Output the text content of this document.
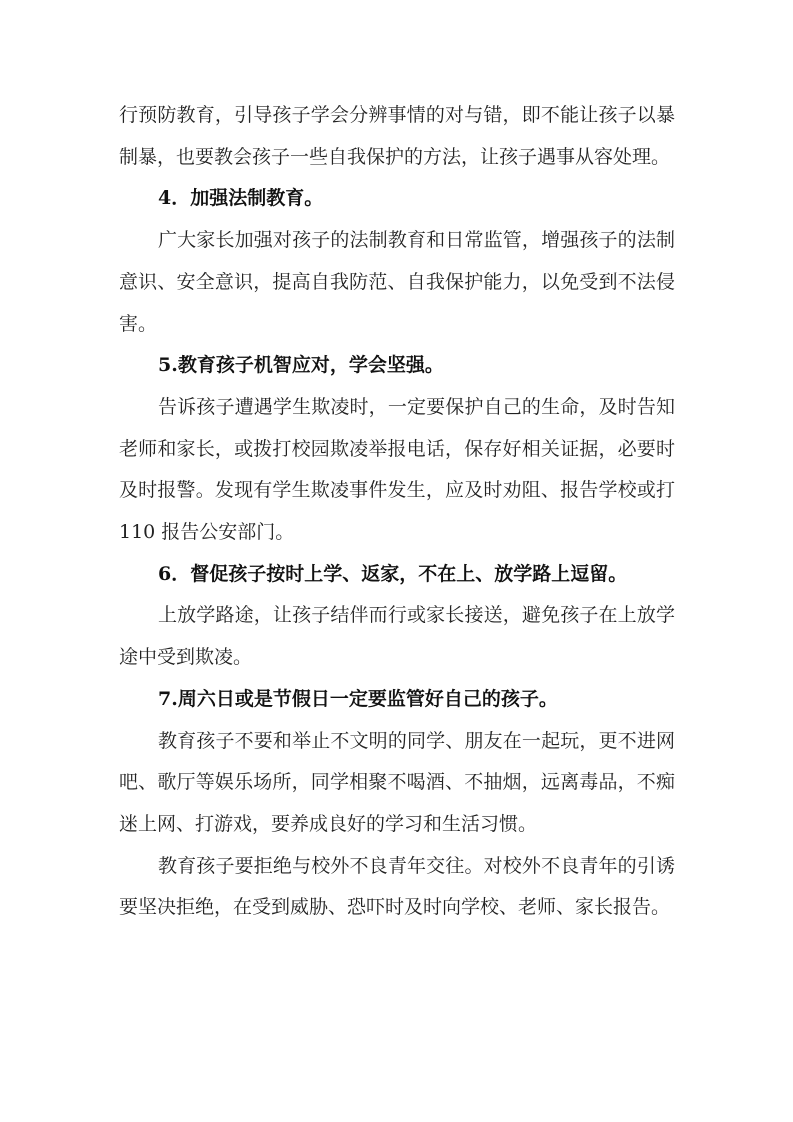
行预防教育，引导孩子学会分辨事情的对与错，即不能让孩子以暴制暴，也要教会孩子一些自我保护的方法，让孩子遇事从容处理。

4．加强法制教育。

广大家长加强对孩子的法制教育和日常监管，增强孩子的法制意识、安全意识，提高自我防范、自我保护能力，以免受到不法侵害。

5.教育孩子机智应对，学会坚强。

告诉孩子遭遇学生欺凌时，一定要保护自己的生命，及时告知老师和家长，或拨打校园欺凌举报电话，保存好相关证据，必要时及时报警。发现有学生欺凌事件发生，应及时劝阻、报告学校或打 110 报告公安部门。

6．督促孩子按时上学、返家，不在上、放学路上逗留。

上放学路途，让孩子结伴而行或家长接送，避免孩子在上放学途中受到欺凌。

7.周六日或是节假日一定要监管好自己的孩子。

教育孩子不要和举止不文明的同学、朋友在一起玩，更不进网吧、歌厅等娱乐场所，同学相聚不喝酒、不抽烟，远离毒品，不痴迷上网、打游戏，要养成良好的学习和生活习惯。

教育孩子要拒绝与校外不良青年交往。对校外不良青年的引诱要坚决拒绝，在受到威胁、恐吓时及时向学校、老师、家长报告。
